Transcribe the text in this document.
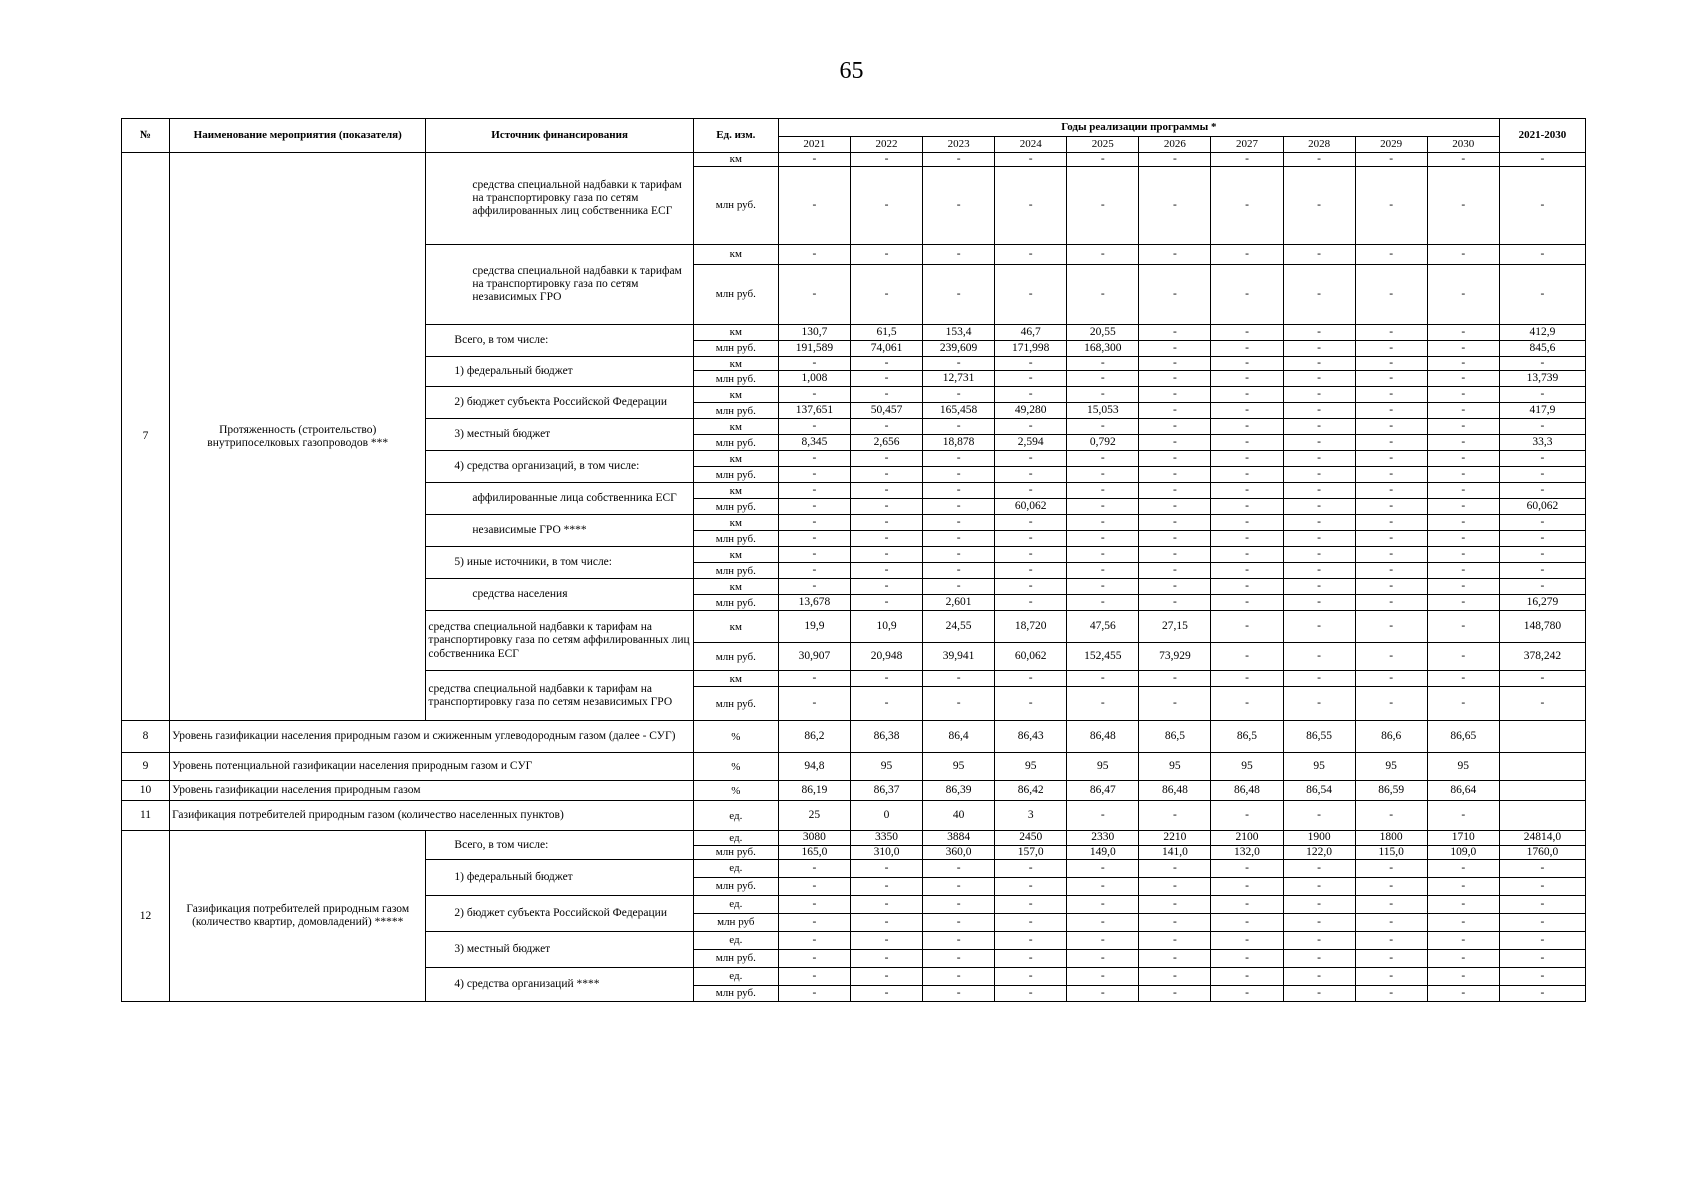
65
№	Наименование мероприятия (показателя)	Источник финансирования	Ед. изм.	Годы реализации программы *										2021-2030
				2021	2022	2023	2024	2025	2026	2027	2028	2029	2030	
7	Протяженность (строительство) внутрипоселковых газопроводов ***	средства специальной надбавки к тарифам на транспортировку газа по сетям аффилированных лиц собственника ЕСГ	км	-	-	-	-	-	-	-	-	-	-	-
			млн руб.	-	-	-	-	-	-	-	-	-	-	-
		средства специальной надбавки к тарифам на транспортировку газа по сетям независимых ГРО	км	-	-	-	-	-	-	-	-	-	-	-
			млн руб.	-	-	-	-	-	-	-	-	-	-	-
		Всего, в том числе:	км	130,7	61,5	153,4	46,7	20,55	-	-	-	-	-	412,9
			млн руб.	191,589	74,061	239,609	171,998	168,300	-	-	-	-	-	845,6
		1) федеральный бюджет	км	-	-	-	-	-	-	-	-	-	-	-
			млн руб.	1,008	-	12,731	-	-	-	-	-	-	-	13,739
		2) бюджет субъекта Российской Федерации	км	-	-	-	-	-	-	-	-	-	-	-
			млн руб.	137,651	50,457	165,458	49,280	15,053	-	-	-	-	-	417,9
		3) местный бюджет	км	-	-	-	-	-	-	-	-	-	-	-
			млн руб.	8,345	2,656	18,878	2,594	0,792	-	-	-	-	-	33,3
		4) средства организаций, в том числе:	км	-	-	-	-	-	-	-	-	-	-	-
			млн руб.	-	-	-	-	-	-	-	-	-	-	-
		аффилированные лица собственника ЕСГ	км	-	-	-	-	-	-	-	-	-	-	-
			млн руб.	-	-	-	60,062	-	-	-	-	-	-	60,062
		независимые ГРО ****	км	-	-	-	-	-	-	-	-	-	-	-
			млн руб.	-	-	-	-	-	-	-	-	-	-	-
		5) иные источники, в том числе:	км	-	-	-	-	-	-	-	-	-	-	-
			млн руб.	-	-	-	-	-	-	-	-	-	-	-
		средства населения	км	-	-	-	-	-	-	-	-	-	-	-
			млн руб.	13,678	-	2,601	-	-	-	-	-	-	-	16,279
		средства специальной надбавки к тарифам на транспортировку газа по сетям аффилированных лиц собственника ЕСГ	км	19,9	10,9	24,55	18,720	47,56	27,15	-	-	-	-	148,780
			млн руб.	30,907	20,948	39,941	60,062	152,455	73,929	-	-	-	-	378,242
		средства специальной надбавки к тарифам на транспортировку газа по сетям независимых ГРО	км	-	-	-	-	-	-	-	-	-	-	-
			млн руб.	-	-	-	-	-	-	-	-	-	-	-
8	Уровень газификации населения природным газом и сжиженным углеводородным газом (далее - СУГ)		%	86,2	86,38	86,4	86,43	86,48	86,5	86,5	86,55	86,6	86,65	
9	Уровень потенциальной газификации населения природным газом и СУГ		%	94,8	95	95	95	95	95	95	95	95	95	
10	Уровень газификации населения природным газом		%	86,19	86,37	86,39	86,42	86,47	86,48	86,48	86,54	86,59	86,64	
11	Газификация потребителей природным газом (количество населенных пунктов)		ед.	25	0	40	3	-	-	-	-	-	-	
12	Газификация потребителей природным газом (количество квартир, домовладений) *****	Всего, в том числе:	ед.	3080	3350	3884	2450	2330	2210	2100	1900	1800	1710	24814,0
			млн руб.	165,0	310,0	360,0	157,0	149,0	141,0	132,0	122,0	115,0	109,0	1760,0
		1) федеральный бюджет	ед.	-	-	-	-	-	-	-	-	-	-	-
			млн руб.	-	-	-	-	-	-	-	-	-	-	-
		2) бюджет субъекта Российской Федерации	ед.	-	-	-	-	-	-	-	-	-	-	-
			млн руб	-	-	-	-	-	-	-	-	-	-	-
		3) местный бюджет	ед.	-	-	-	-	-	-	-	-	-	-	-
			млн руб.	-	-	-	-	-	-	-	-	-	-	-
		4) средства организаций ****	ед.	-	-	-	-	-	-	-	-	-	-	-
			млн руб.	-	-	-	-	-	-	-	-	-	-	-
